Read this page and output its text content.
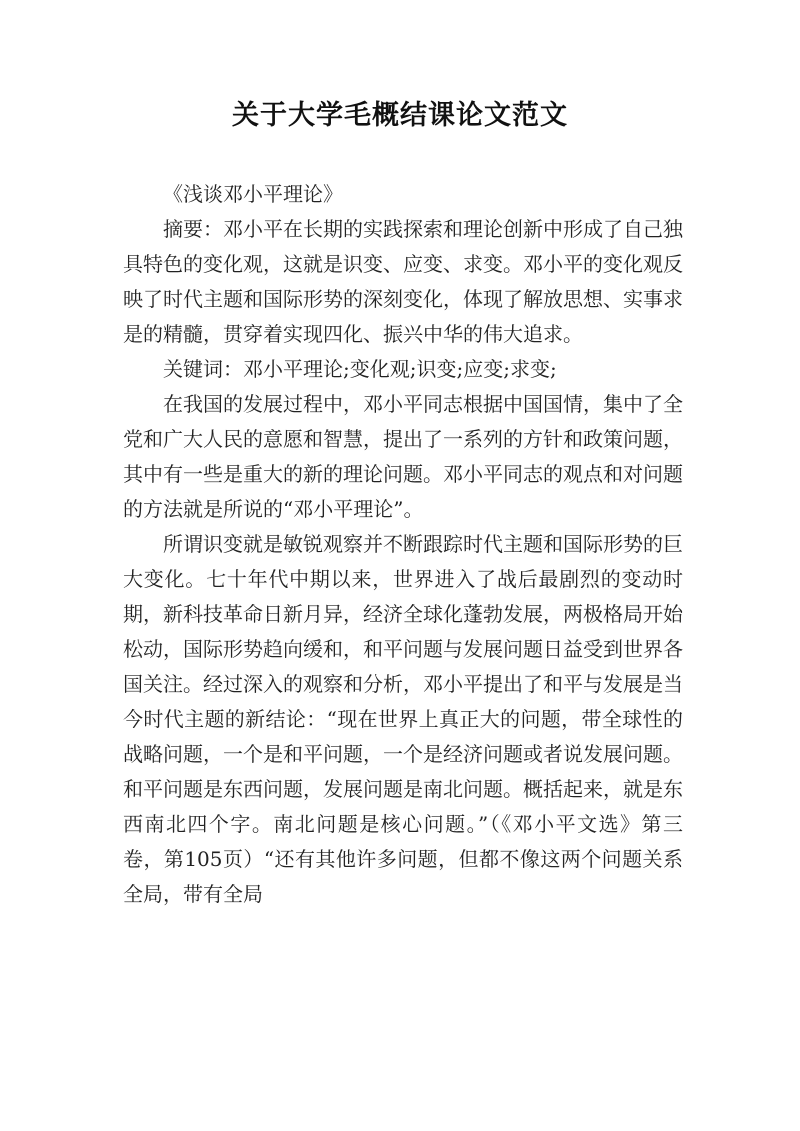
关于大学毛概结课论文范文

《浅谈邓小平理论》

摘要：邓小平在长期的实践探索和理论创新中形成了自己独具特色的变化观，这就是识变、应变、求变。邓小平的变化观反映了时代主题和国际形势的深刻变化，体现了解放思想、实事求是的精髓，贯穿着实现四化、振兴中华的伟大追求。

关键词：邓小平理论;变化观;识变;应变;求变;

在我国的发展过程中，邓小平同志根据中国国情，集中了全党和广大人民的意愿和智慧，提出了一系列的方针和政策问题，其中有一些是重大的新的理论问题。邓小平同志的观点和对问题的方法就是所说的“邓小平理论”。

所谓识变就是敏锐观察并不断跟踪时代主题和国际形势的巨大变化。七十年代中期以来，世界进入了战后最剧烈的变动时期，新科技革命日新月异，经济全球化蓬勃发展，两极格局开始松动，国际形势趋向缓和，和平问题与发展问题日益受到世界各国关注。经过深入的观察和分析，邓小平提出了和平与发展是当今时代主题的新结论：“现在世界上真正大的问题，带全球性的战略问题，一个是和平问题，一个是经济问题或者说发展问题。和平问题是东西问题，发展问题是南北问题。概括起来，就是东西南北四个字。南北问题是核心问题。”（《邓小平文选》第三卷，第105页）“还有其他许多问题，但都不像这两个问题关系全局，带有全局
